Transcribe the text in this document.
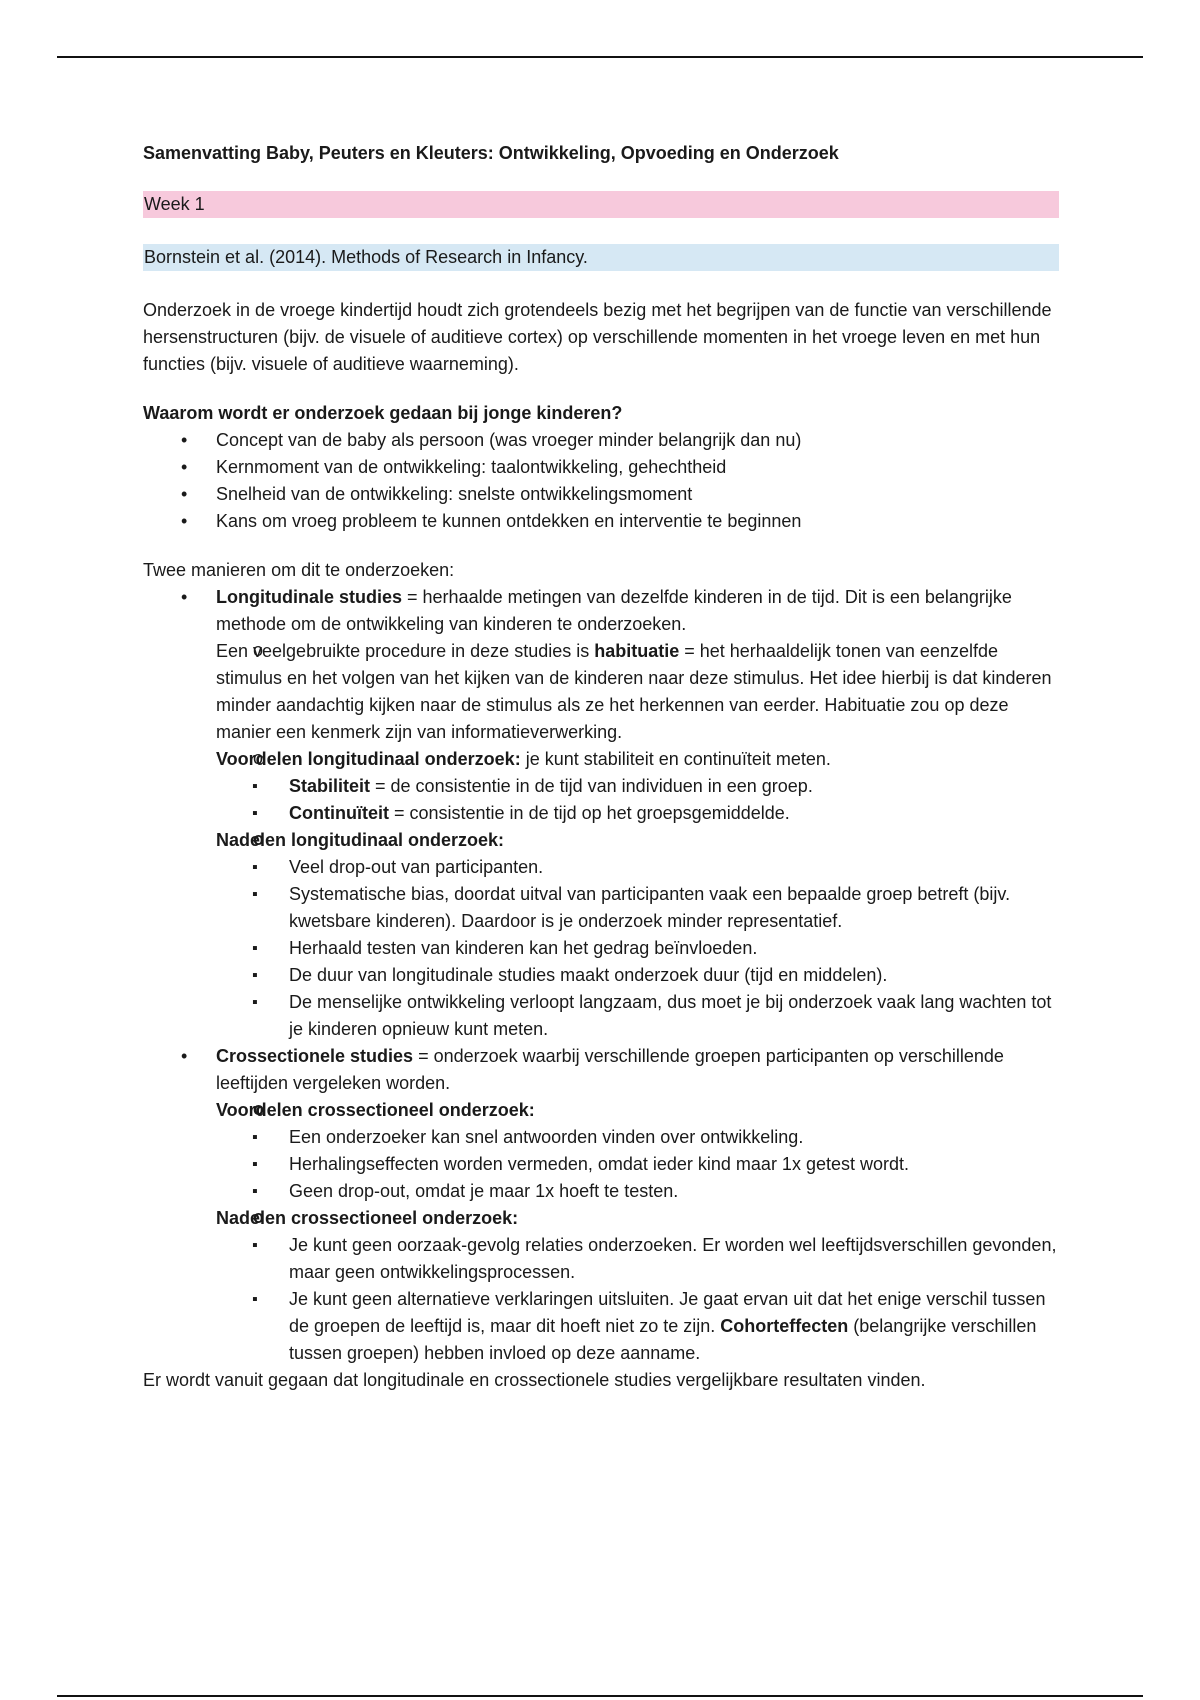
Samenvatting Baby, Peuters en Kleuters: Ontwikkeling, Opvoeding en Onderzoek

Week 1

Bornstein et al. (2014). Methods of Research in Infancy.

Onderzoek in de vroege kindertijd houdt zich grotendeels bezig met het begrijpen van de functie van verschillende hersenstructuren (bijv. de visuele of auditieve cortex) op verschillende momenten in het vroege leven en met hun functies (bijv. visuele of auditieve waarneming).

Waarom wordt er onderzoek gedaan bij jonge kinderen?

• Concept van de baby als persoon (was vroeger minder belangrijk dan nu)
• Kernmoment van de ontwikkeling: taalontwikkeling, gehechtheid
• Snelheid van de ontwikkeling: snelste ontwikkelingsmoment
• Kans om vroeg probleem te kunnen ontdekken en interventie te beginnen

Twee manieren om dit te onderzoeken:

• Longitudinale studies = herhaalde metingen van dezelfde kinderen in de tijd. Dit is een belangrijke methode om de ontwikkeling van kinderen te onderzoeken.
o Een veelgebruikte procedure in deze studies is habituatie = het herhaaldelijk tonen van eenzelfde stimulus en het volgen van het kijken van de kinderen naar deze stimulus. Het idee hierbij is dat kinderen minder aandachtig kijken naar de stimulus als ze het herkennen van eerder. Habituatie zou op deze manier een kenmerk zijn van informatieverwerking.
o Voordelen longitudinaal onderzoek: je kunt stabiliteit en continuïteit meten.
▪ Stabiliteit = de consistentie in de tijd van individuen in een groep.
▪ Continuïteit = consistentie in de tijd op het groepsgemiddelde.
o Nadelen longitudinaal onderzoek:
▪ Veel drop-out van participanten.
▪ Systematische bias, doordat uitval van participanten vaak een bepaalde groep betreft (bijv. kwetsbare kinderen). Daardoor is je onderzoek minder representatief.
▪ Herhaald testen van kinderen kan het gedrag beïnvloeden.
▪ De duur van longitudinale studies maakt onderzoek duur (tijd en middelen).
▪ De menselijke ontwikkeling verloopt langzaam, dus moet je bij onderzoek vaak lang wachten tot je kinderen opnieuw kunt meten.
• Crossectionele studies = onderzoek waarbij verschillende groepen participanten op verschillende leeftijden vergeleken worden.
o Voordelen crossectioneel onderzoek:
▪ Een onderzoeker kan snel antwoorden vinden over ontwikkeling.
▪ Herhalingseffecten worden vermeden, omdat ieder kind maar 1x getest wordt.
▪ Geen drop-out, omdat je maar 1x hoeft te testen.
o Nadelen crossectioneel onderzoek:
▪ Je kunt geen oorzaak-gevolg relaties onderzoeken. Er worden wel leeftijdsverschillen gevonden, maar geen ontwikkelingsprocessen.
▪ Je kunt geen alternatieve verklaringen uitsluiten. Je gaat ervan uit dat het enige verschil tussen de groepen de leeftijd is, maar dit hoeft niet zo te zijn. Cohorteffecten (belangrijke verschillen tussen groepen) hebben invloed op deze aanname.

Er wordt vanuit gegaan dat longitudinale en crossectionele studies vergelijkbare resultaten vinden.
